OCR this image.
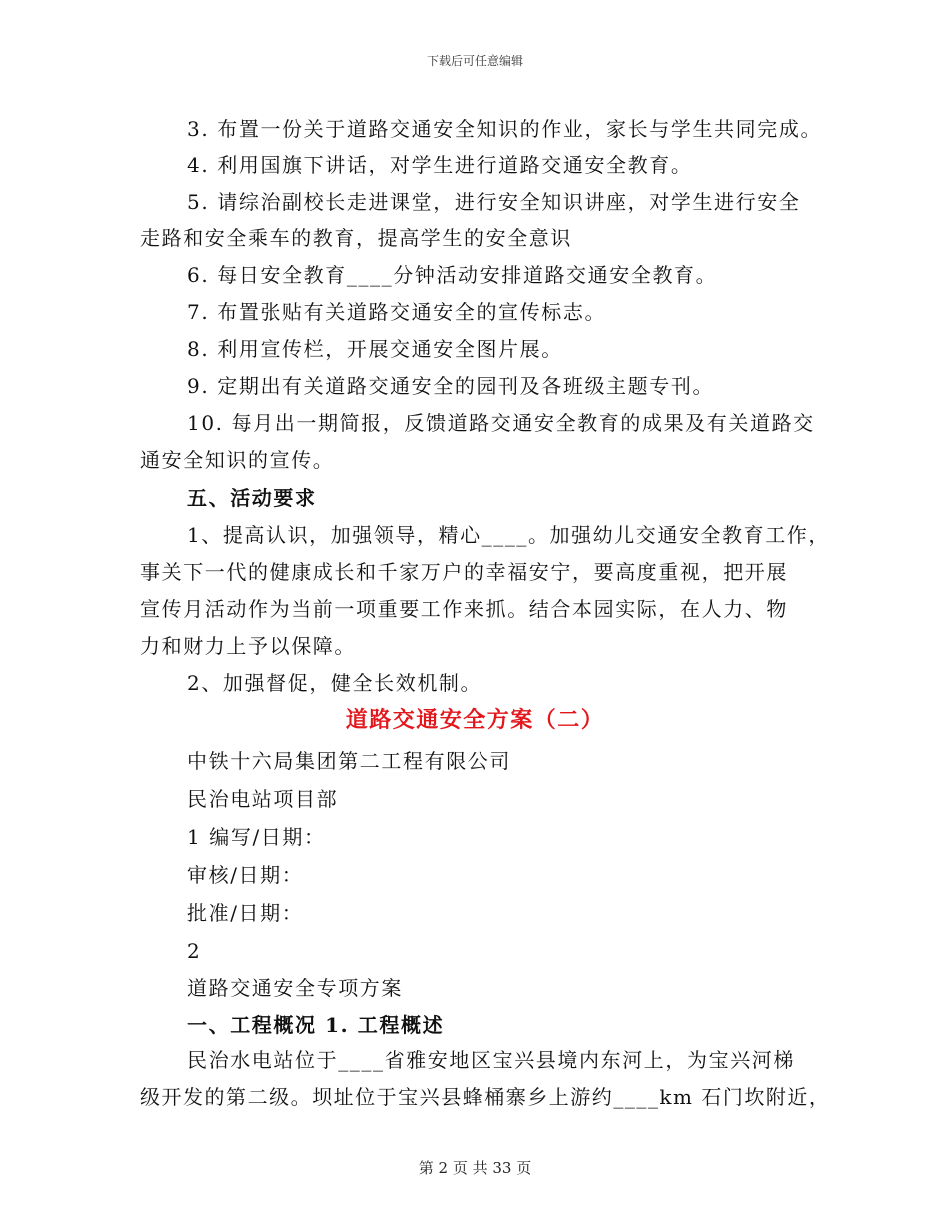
下载后可任意编辑
3. 布置一份关于道路交通安全知识的作业，家长与学生共同完成。
4. 利用国旗下讲话，对学生进行道路交通安全教育。
5. 请综治副校长走进课堂，进行安全知识讲座，对学生进行安全
走路和安全乘车的教育，提高学生的安全意识
6. 每日安全教育____分钟活动安排道路交通安全教育。
7. 布置张贴有关道路交通安全的宣传标志。
8. 利用宣传栏，开展交通安全图片展。
9. 定期出有关道路交通安全的园刊及各班级主题专刊。
10. 每月出一期简报，反馈道路交通安全教育的成果及有关道路交
通安全知识的宣传。
五、活动要求
1、提高认识，加强领导，精心____。加强幼儿交通安全教育工作，
事关下一代的健康成长和千家万户的幸福安宁，要高度重视，把开展
宣传月活动作为当前一项重要工作来抓。结合本园实际，在人力、物
力和财力上予以保障。
2、加强督促，健全长效机制。
道路交通安全方案（二）
中铁十六局集团第二工程有限公司
民治电站项目部
1 编写/日期：
审核/日期：
批准/日期：
2
道路交通安全专项方案
一、工程概况 1. 工程概述
民治水电站位于____省雅安地区宝兴县境内东河上，为宝兴河梯
级开发的第二级。坝址位于宝兴县蜂桶寨乡上游约____km 石门坎附近，
第 2 页 共 33 页
